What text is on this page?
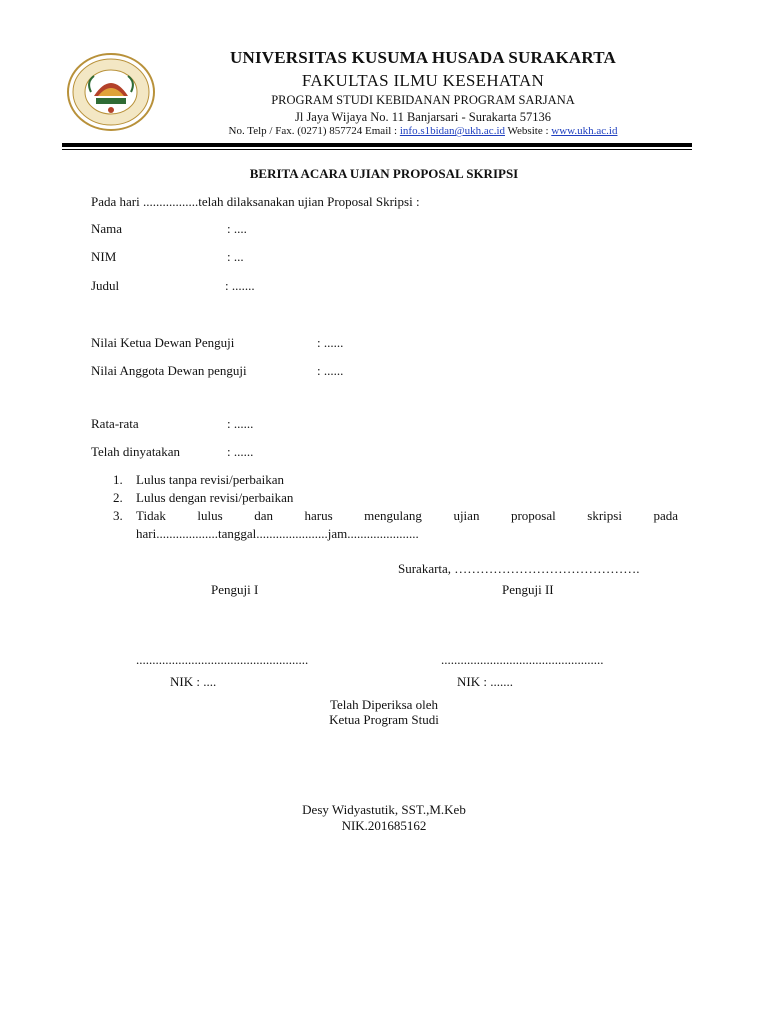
UNIVERSITAS KUSUMA HUSADA SURAKARTA
FAKULTAS ILMU KESEHATAN
PROGRAM STUDI KEBIDANAN PROGRAM SARJANA
Jl Jaya Wijaya No. 11 Banjarsari - Surakarta 57136
No. Telp / Fax. (0271) 857724 Email : info.s1bidan@ukh.ac.id Website : www.ukh.ac.id
BERITA ACARA UJIAN PROPOSAL SKRIPSI
Pada hari .................telah dilaksanakan ujian Proposal Skripsi :
Nama	: ....
NIM	: ...
Judul	: .......
Nilai Ketua Dewan Penguji	: ......
Nilai Anggota Dewan penguji	: ......
Rata-rata	: ......
Telah dinyatakan	: ......
1. Lulus tanpa revisi/perbaikan
2. Lulus dengan revisi/perbaikan
3. Tidak lulus dan harus mengulang ujian proposal skripsi pada
hari...................tanggal......................jam......................
Surakarta, …………………………………….
Penguji I	Penguji II
.....................................................	..................................................
NIK : ....	NIK : .......
Telah Diperiksa oleh
Ketua Program Studi
Desy Widyastutik, SST.,M.Keb
NIK.201685162
